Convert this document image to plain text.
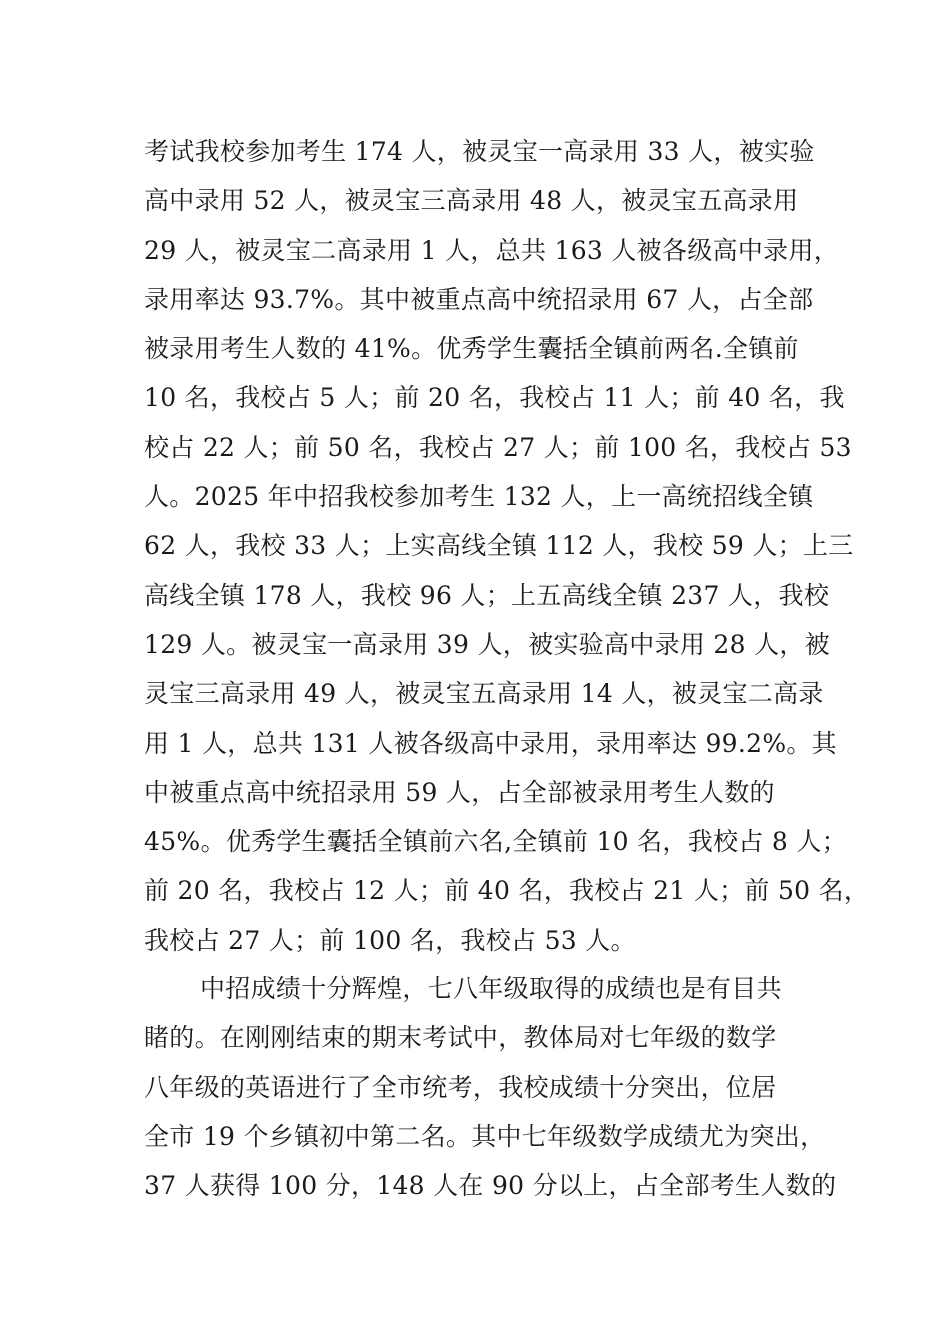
考试我校参加考生 174 人，被灵宝一高录用 33 人，被实验
高中录用 52 人，被灵宝三高录用 48 人，被灵宝五高录用
29 人，被灵宝二高录用 1 人，总共 163 人被各级高中录用，
录用率达 93.7%。其中被重点高中统招录用 67 人，占全部
被录用考生人数的 41%。优秀学生囊括全镇前两名.全镇前
10 名，我校占 5 人；前 20 名，我校占 11 人；前 40 名，我
校占 22 人；前 50 名，我校占 27 人；前 100 名，我校占 53
人。2025 年中招我校参加考生 132 人，上一高统招线全镇
62 人，我校 33 人；上实高线全镇 112 人，我校 59 人；上三
高线全镇 178 人，我校 96 人；上五高线全镇 237 人，我校
129 人。被灵宝一高录用 39 人，被实验高中录用 28 人，被
灵宝三高录用 49 人，被灵宝五高录用 14 人，被灵宝二高录
用 1 人，总共 131 人被各级高中录用，录用率达 99.2%。其
中被重点高中统招录用 59 人，占全部被录用考生人数的
45%。优秀学生囊括全镇前六名,全镇前 10 名，我校占 8 人；
前 20 名，我校占 12 人；前 40 名，我校占 21 人；前 50 名，
我校占 27 人；前 100 名，我校占 53 人。
中招成绩十分辉煌，七八年级取得的成绩也是有目共
睹的。在刚刚结束的期末考试中，教体局对七年级的数学
八年级的英语进行了全市统考，我校成绩十分突出，位居
全市 19 个乡镇初中第二名。其中七年级数学成绩尤为突出，
37 人获得 100 分，148 人在 90 分以上，占全部考生人数的
